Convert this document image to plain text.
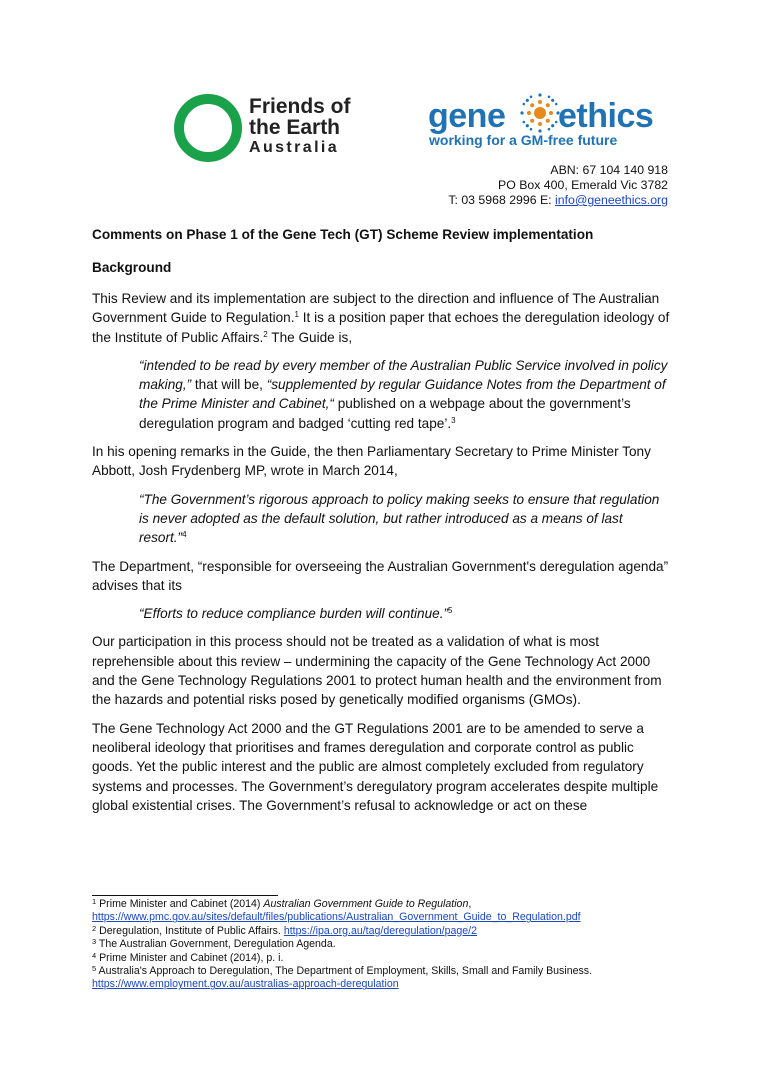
Friends of
the Earth
Australia
gene ethics
working for a GM-free future
ABN: 67 104 140 918
PO Box 400, Emerald Vic 3782
T: 03 5968 2996 E: info@geneethics.org
Comments on Phase 1 of the Gene Tech (GT) Scheme Review implementation
Background

This Review and its implementation are subject to the direction and influence of The Australian Government Guide to Regulation.$^1$ It is a position paper that echoes the deregulation ideology of the Institute of Public Affairs.$^2$ The Guide is,

“intended to be read by every member of the Australian Public Service involved in policy making,” that will be, “supplemented by regular Guidance Notes from the Department of the Prime Minister and Cabinet,“ published on a webpage about the government’s deregulation program and badged ‘cutting red tape’.$^3$

In his opening remarks in the Guide, the then Parliamentary Secretary to Prime Minister Tony Abbott, Josh Frydenberg MP, wrote in March 2014,

“The Government’s rigorous approach to policy making seeks to ensure that regulation is never adopted as the default solution, but rather introduced as a means of last resort.”$^4$

The Department, “responsible for overseeing the Australian Government's deregulation agenda” advises that its

“Efforts to reduce compliance burden will continue.”$^5$

Our participation in this process should not be treated as a validation of what is most reprehensible about this review – undermining the capacity of the Gene Technology Act 2000 and the Gene Technology Regulations 2001 to protect human health and the environment from the hazards and potential risks posed by genetically modified organisms (GMOs).

The Gene Technology Act 2000 and the GT Regulations 2001 are to be amended to serve a neoliberal ideology that prioritises and frames deregulation and corporate control as public goods. Yet the public interest and the public are almost completely excluded from regulatory systems and processes. The Government’s deregulatory program accelerates despite multiple global existential crises. The Government’s refusal to acknowledge or act on these

$^1$ Prime Minister and Cabinet (2014) Australian Government Guide to Regulation,
https://www.pmc.gov.au/sites/default/files/publications/Australian_Government_Guide_to_Regulation.pdf
$^2$ Deregulation, Institute of Public Affairs. https://ipa.org.au/tag/deregulation/page/2
$^3$ The Australian Government, Deregulation Agenda.
$^4$ Prime Minister and Cabinet (2014), p. i.
$^5$ Australia's Approach to Deregulation, The Department of Employment, Skills, Small and Family Business.
https://www.employment.gov.au/australias-approach-deregulation
